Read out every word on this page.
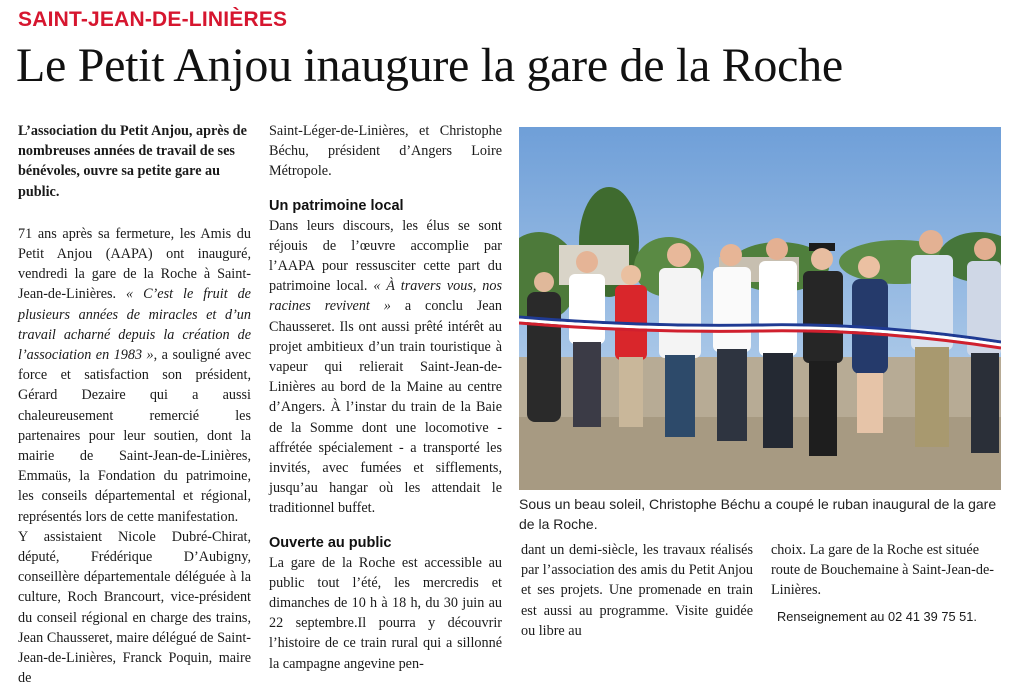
SAINT-JEAN-DE-LINIÈRES
Le Petit Anjou inaugure la gare de la Roche

L’association du Petit Anjou, après de nombreuses années de travail de ses bénévoles, ouvre sa petite gare au public.

71 ans après sa fermeture, les Amis du Petit Anjou (AAPA) ont inauguré, vendredi la gare de la Roche à Saint-Jean-de-Linières. « C’est le fruit de plusieurs années de miracles et d’un travail acharné depuis la création de l’association en 1983 », a souligné avec force et satisfaction son président, Gérard Dezaire qui a aussi chaleureusement remercié les partenaires pour leur soutien, dont la mairie de Saint-Jean-de-Linières, Emmaüs, la Fondation du patrimoine, les conseils départemental et régional, représentés lors de cette manifestation.

Y assistaient Nicole Dubré-Chirat, député, Frédérique D’Aubigny, conseillère départementale déléguée à la culture, Roch Brancourt, vice-président du conseil régional en charge des trains, Jean Chausseret, maire délégué de Saint-Jean-de-Linières, Franck Poquin, maire de

Saint-Léger-de-Linières, et Christophe Béchu, président d’Angers Loire Métropole.

Un patrimoine local

Dans leurs discours, les élus se sont réjouis de l’œuvre accomplie par l’AAPA pour ressusciter cette part du patrimoine local. « À travers vous, nos racines revivent » a conclu Jean Chausseret. Ils ont aussi prêté intérêt au projet ambitieux d’un train touristique à vapeur qui relierait Saint-Jean-de-Linières au bord de la Maine au centre d’Angers. À l’instar du train de la Baie de la Somme dont une locomotive - affrétée spécialement - a transporté les invités, avec fumées et sifflements, jusqu’au hangar où les attendait le traditionnel buffet.

Ouverte au public

La gare de la Roche est accessible au public tout l’été, les mercredis et dimanches de 10 h à 18 h, du 30 juin au 22 septembre.Il pourra y découvrir l’histoire de ce train rural qui a sillonné la campagne angevine pen-

Sous un beau soleil, Christophe Béchu a coupé le ruban inaugural de la gare de la Roche.

dant un demi-siècle, les travaux réalisés par l’association des amis du Petit Anjou et ses projets. Une promenade en train est aussi au programme. Visite guidée ou libre au

choix. La gare de la Roche est située route de Bouchemaine à Saint-Jean-de-Linières.

Renseignement au 02 41 39 75 51.
